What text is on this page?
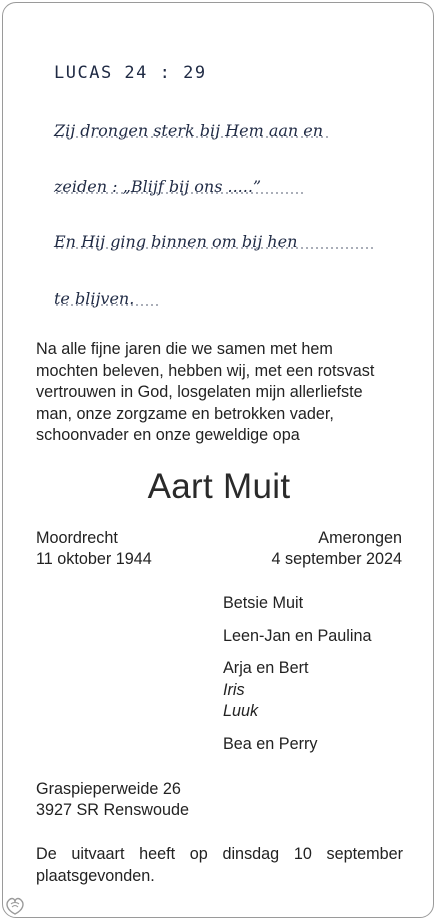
LUCAS 24 : 29
Zij drongen sterk bij Hem aan en
zeiden : „Blijf bij ons .....”
En Hij ging binnen om bij hen
te blijven.
Na alle fijne jaren die we samen met hem
mochten beleven, hebben wij, met een rotsvast
vertrouwen in God, losgelaten mijn allerliefste
man, onze zorgzame en betrokken vader,
schoonvader en onze geweldige opa
Aart Muit
Moordrecht
11 oktober 1944
Amerongen
4 september 2024
Betsie Muit
Leen-Jan en Paulina
Arja en Bert
Iris
Luuk
Bea en Perry
Graspieperweide 26
3927 SR Renswoude
De uitvaart heeft op dinsdag 10 september plaatsgevonden.
